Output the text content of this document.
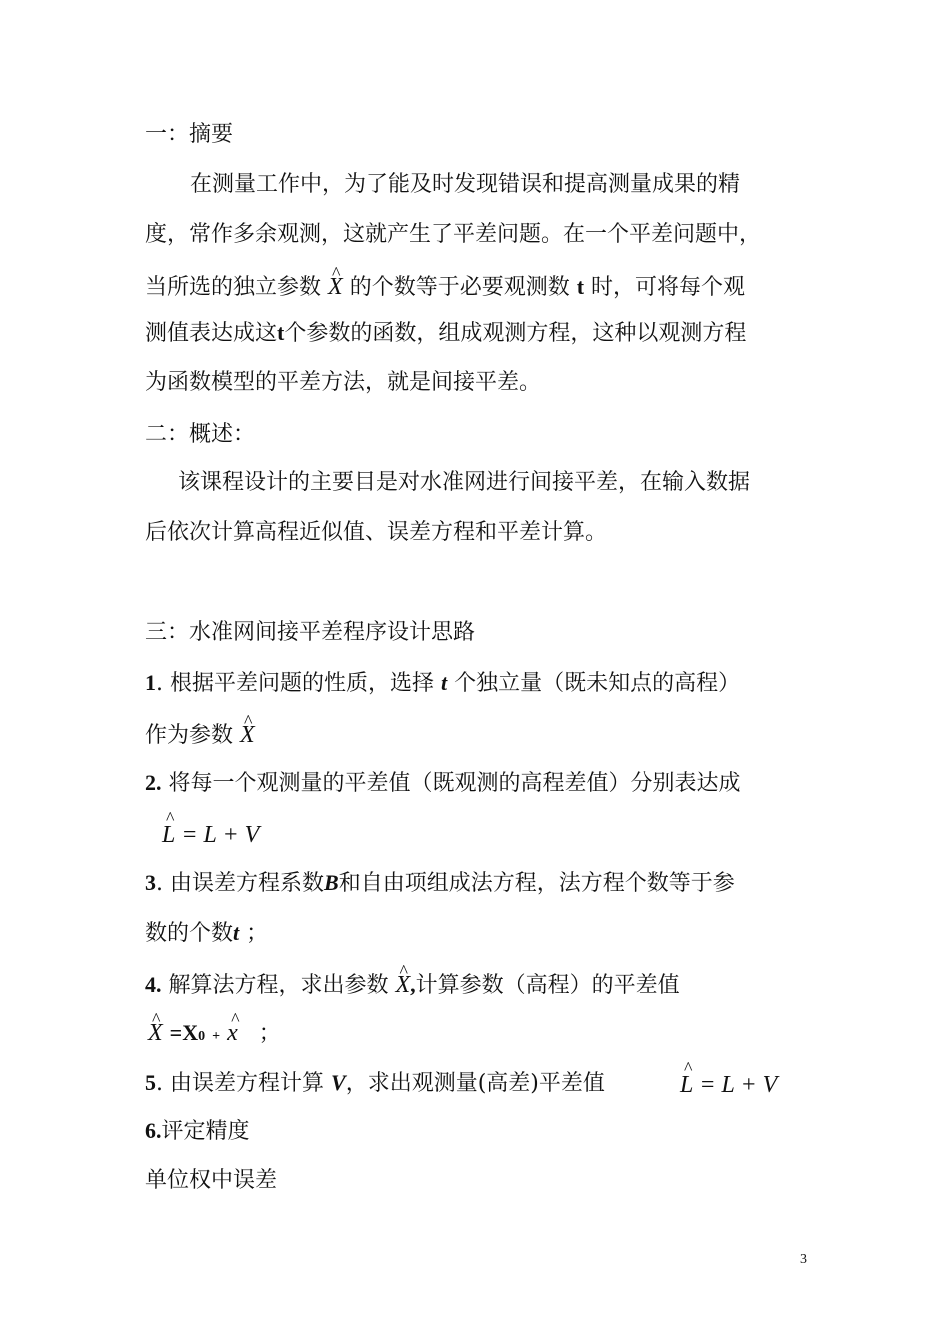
一：摘要
在测量工作中，为了能及时发现错误和提高测量成果的精
度，常作多余观测，这就产生了平差问题。在一个平差问题中，
当所选的独立参数 ^ X 的个数等于必要观测数 t 时，可将每个观
测值表达成这t个参数的函数，组成观测方程，这种以观测方程
为函数模型的平差方法，就是间接平差。
二：概述：
该课程设计的主要目是对水准网进行间接平差，在输入数据
后依次计算高程近似值、误差方程和平差计算。
三：水准网间接平差程序设计思路
1. 根据平差问题的性质，选择 t 个独立量（既未知点的高程）
作为参数 ^ X
2. 将每一个观测量的平差值（既观测的高程差值）分别表达成
^ L = L + V
3. 由误差方程系数B和自由项组成法方程，法方程个数等于参
数的个数t ；
4. 解算法方程，求出参数 ^ X,计算参数（高程）的平差值
^ X =X0 + ^ x ；
5. 由误差方程计算 V，求出观测量(高差)平差值	^ L = L + V
6.评定精度
单位权中误差
3
